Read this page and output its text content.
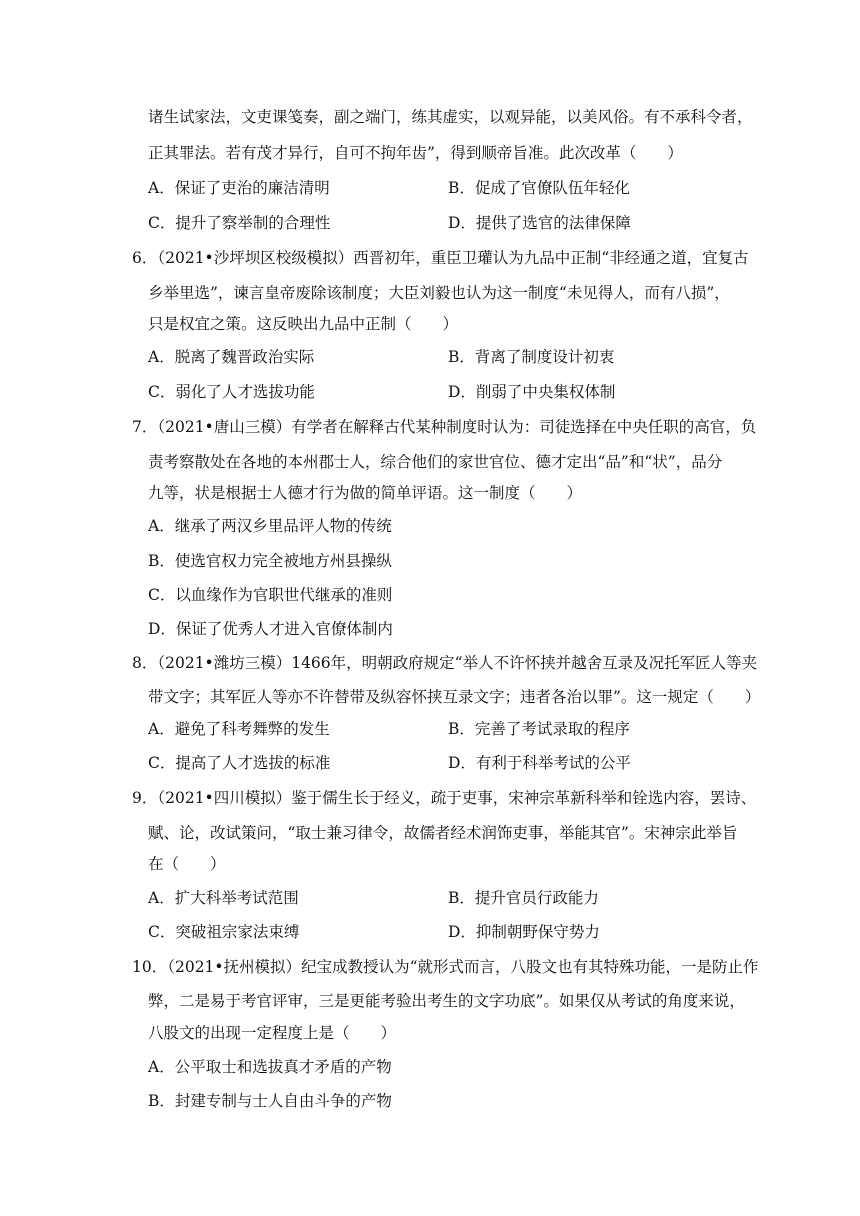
诸生试家法，文吏课笺奏，副之端门，练其虚实，以观异能，以美风俗。有不承科令者，
正其罪法。若有茂才异行，自可不拘年齿”，得到顺帝旨准。此次改革（　　）
A．保证了吏治的廉洁清明	B．促成了官僚队伍年轻化
C．提升了察举制的合理性	D．提供了选官的法律保障
6．（2021•沙坪坝区校级模拟）西晋初年，重臣卫瓘认为九品中正制“非经通之道，宜复古
乡举里选”，谏言皇帝废除该制度；大臣刘毅也认为这一制度“未见得人，而有八损”，
只是权宜之策。这反映出九品中正制（　　）
A．脱离了魏晋政治实际	B．背离了制度设计初衷
C．弱化了人才选拔功能	D．削弱了中央集权体制
7．（2021•唐山三模）有学者在解释古代某种制度时认为：司徒选择在中央任职的高官，负
责考察散处在各地的本州郡士人，综合他们的家世官位、德才定出“品”和“状”，品分
九等，状是根据士人德才行为做的简单评语。这一制度（　　）
A．继承了两汉乡里品评人物的传统
B．使选官权力完全被地方州县操纵
C．以血缘作为官职世代继承的准则
D．保证了优秀人才进入官僚体制内
8．（2021•潍坊三模）1466年，明朝政府规定“举人不许怀挟并越舍互录及况托军匠人等夹
带文字；其军匠人等亦不许替带及纵容怀挟互录文字；违者各治以罪”。这一规定（　　）
A．避免了科考舞弊的发生	B．完善了考试录取的程序
C．提高了人才选拔的标准	D．有利于科举考试的公平
9．（2021•四川模拟）鉴于儒生长于经义，疏于吏事，宋神宗革新科举和铨选内容，罢诗、
赋、论，改试策问，“取士兼习律令，故儒者经术润饰吏事，举能其官”。宋神宗此举旨
在（　　）
A．扩大科举考试范围	B．提升官员行政能力
C．突破祖宗家法束缚	D．抑制朝野保守势力
10．（2021•抚州模拟）纪宝成教授认为“就形式而言，八股文也有其特殊功能，一是防止作
弊，二是易于考官评审，三是更能考验出考生的文字功底”。如果仅从考试的角度来说，
八股文的出现一定程度上是（　　）
A．公平取士和选拔真才矛盾的产物
B．封建专制与士人自由斗争的产物
